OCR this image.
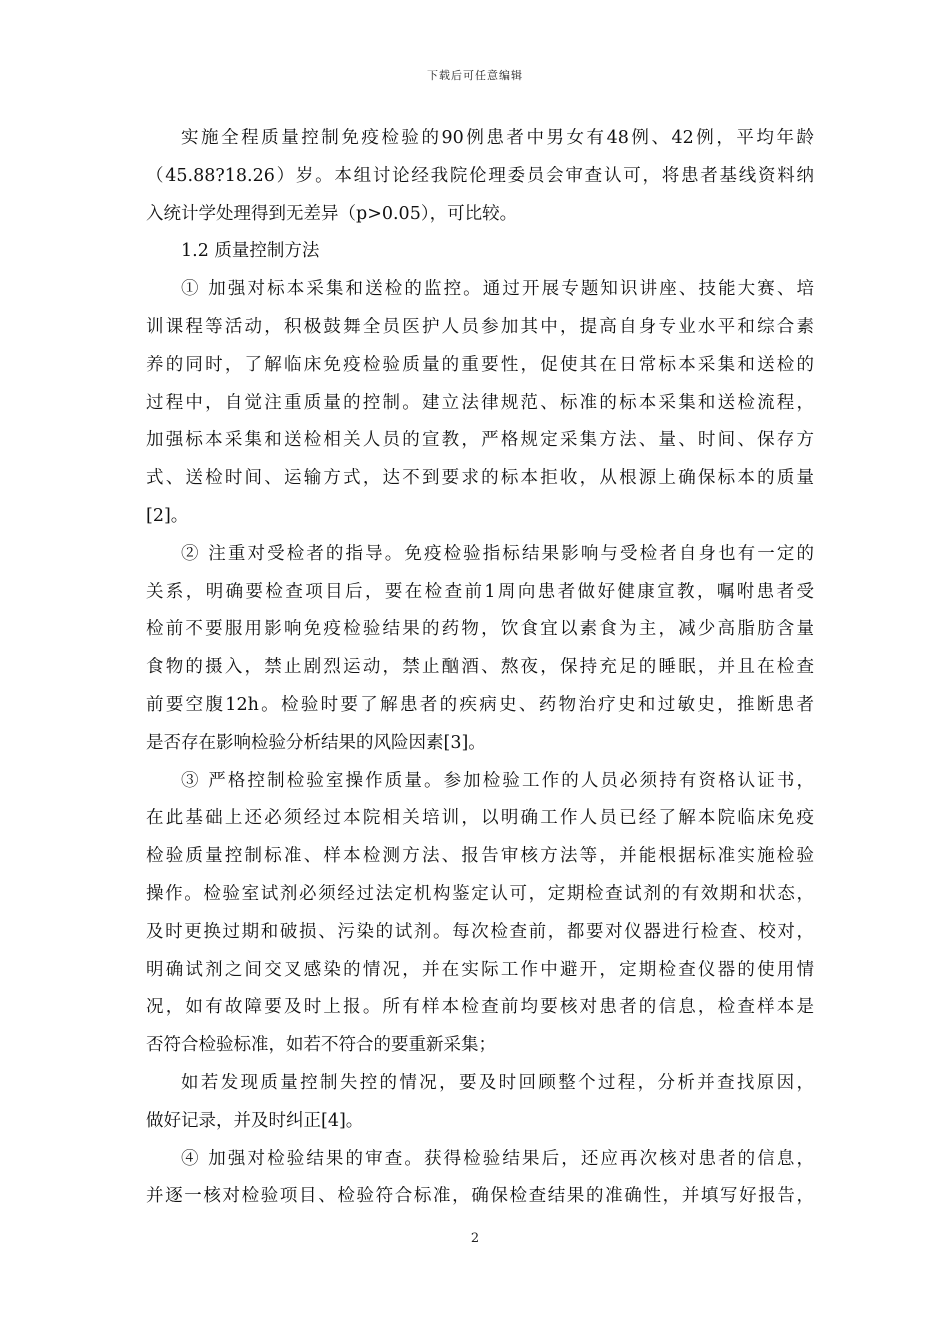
下载后可任意编辑
实施全程质量控制免疫检验的90例患者中男女有48例、42例，平均年龄
（45.88?18.26）岁。本组讨论经我院伦理委员会审查认可，将患者基线资料纳
入统计学处理得到无差异（p>0.05），可比较。
1.2 质量控制方法
① 加强对标本采集和送检的监控。通过开展专题知识讲座、技能大赛、培
训课程等活动，积极鼓舞全员医护人员参加其中，提高自身专业水平和综合素
养的同时，了解临床免疫检验质量的重要性，促使其在日常标本采集和送检的
过程中，自觉注重质量的控制。建立法律规范、标准的标本采集和送检流程，
加强标本采集和送检相关人员的宣教，严格规定采集方法、量、时间、保存方
式、送检时间、运输方式，达不到要求的标本拒收，从根源上确保标本的质量
[2]。
② 注重对受检者的指导。免疫检验指标结果影响与受检者自身也有一定的
关系，明确要检查项目后，要在检查前1周向患者做好健康宣教，嘱咐患者受
检前不要服用影响免疫检验结果的药物，饮食宜以素食为主，减少高脂肪含量
食物的摄入，禁止剧烈运动，禁止酗酒、熬夜，保持充足的睡眠，并且在检查
前要空腹12h。检验时要了解患者的疾病史、药物治疗史和过敏史，推断患者
是否存在影响检验分析结果的风险因素[3]。
③ 严格控制检验室操作质量。参加检验工作的人员必须持有资格认证书，
在此基础上还必须经过本院相关培训，以明确工作人员已经了解本院临床免疫
检验质量控制标准、样本检测方法、报告审核方法等，并能根据标准实施检验
操作。检验室试剂必须经过法定机构鉴定认可，定期检查试剂的有效期和状态，
及时更换过期和破损、污染的试剂。每次检查前，都要对仪器进行检查、校对，
明确试剂之间交叉感染的情况，并在实际工作中避开，定期检查仪器的使用情
况，如有故障要及时上报。所有样本检查前均要核对患者的信息，检查样本是
否符合检验标准，如若不符合的要重新采集；
如若发现质量控制失控的情况，要及时回顾整个过程，分析并查找原因，
做好记录，并及时纠正[4]。
④ 加强对检验结果的审查。获得检验结果后，还应再次核对患者的信息，
并逐一核对检验项目、检验符合标准，确保检查结果的准确性，并填写好报告，
2
